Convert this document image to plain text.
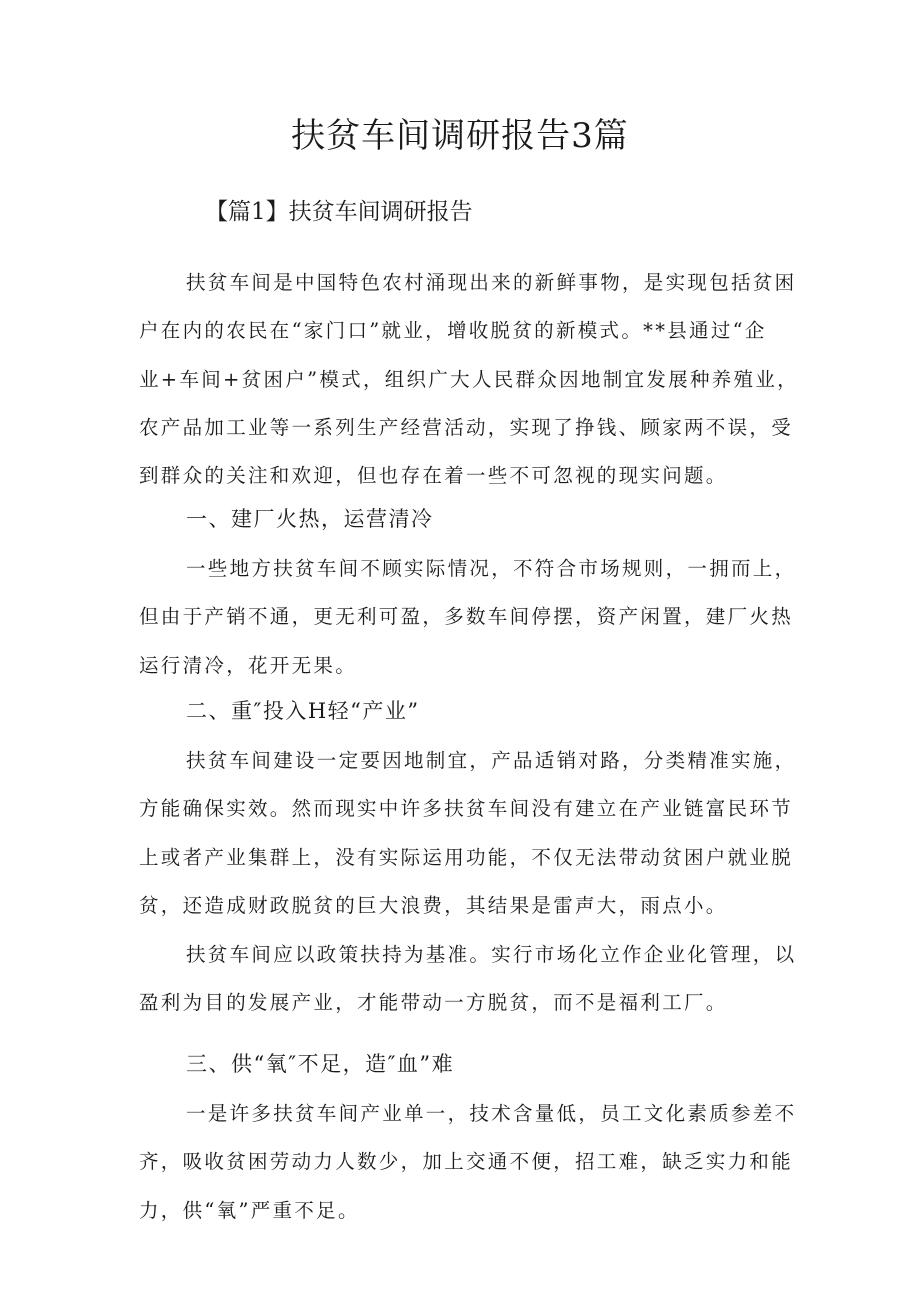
扶贫车间调研报告3篇
【篇1】扶贫车间调研报告

扶贫车间是中国特色农村涌现出来的新鲜事物，是实现包括贫困
户在内的农民在“家门口”就业，增收脱贫的新模式。**县通过“企
业+车间+贫困户”模式，组织广大人民群众因地制宜发展种养殖业，
农产品加工业等一系列生产经营活动，实现了挣钱、顾家两不误，受
到群众的关注和欢迎，但也存在着一些不可忽视的现实问题。

一、建厂火热，运营清冷

一些地方扶贫车间不顾实际情况，不符合市场规则，一拥而上，
但由于产销不通，更无利可盈，多数车间停摆，资产闲置，建厂火热
运行清冷，花开无果。

二、重″投入H轻“产业”

扶贫车间建设一定要因地制宜，产品适销对路，分类精准实施，
方能确保实效。然而现实中许多扶贫车间没有建立在产业链富民环节
上或者产业集群上，没有实际运用功能，不仅无法带动贫困户就业脱
贫，还造成财政脱贫的巨大浪费，其结果是雷声大，雨点小。

扶贫车间应以政策扶持为基准。实行市场化立作企业化管理，以
盈利为目的发展产业，才能带动一方脱贫，而不是福利工厂。

三、供“氧″不足，造″血”难

一是许多扶贫车间产业单一，技术含量低，员工文化素质参差不
齐，吸收贫困劳动力人数少，加上交通不便，招工难，缺乏实力和能
力，供“氧”严重不足。
